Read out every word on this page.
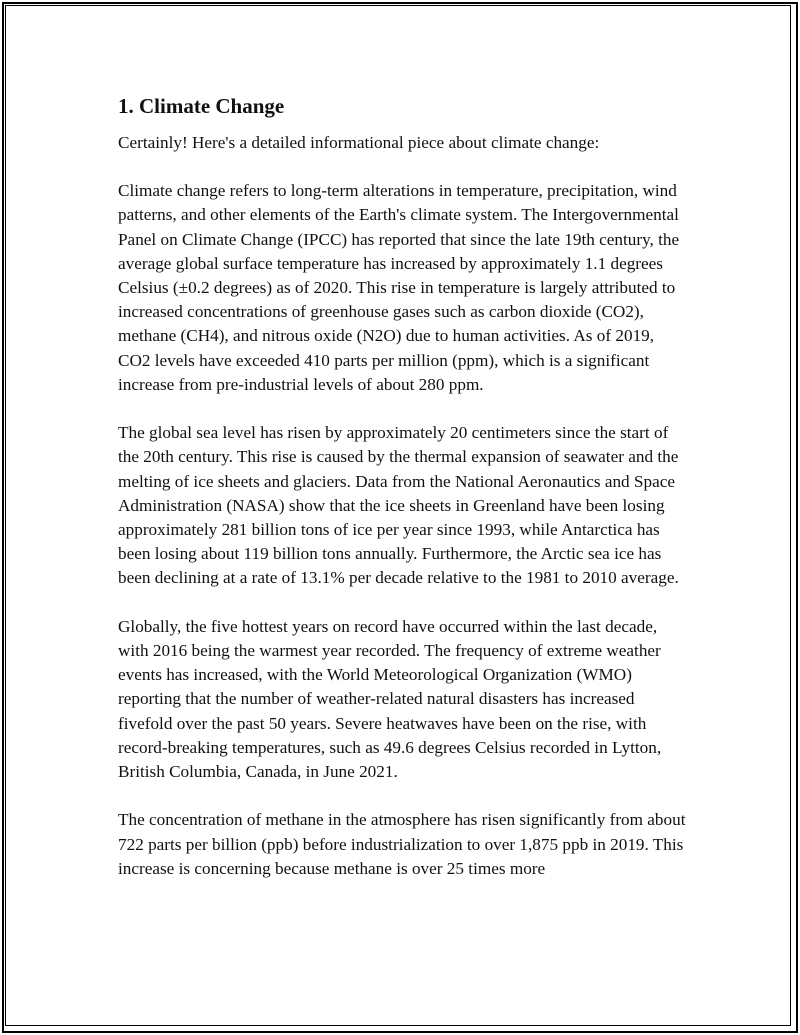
1. Climate Change

Certainly! Here's a detailed informational piece about climate change:

Climate change refers to long-term alterations in temperature, precipitation, wind patterns, and other elements of the Earth's climate system. The Intergovernmental Panel on Climate Change (IPCC) has reported that since the late 19th century, the average global surface temperature has increased by approximately 1.1 degrees Celsius (±0.2 degrees) as of 2020. This rise in temperature is largely attributed to increased concentrations of greenhouse gases such as carbon dioxide (CO2), methane (CH4), and nitrous oxide (N2O) due to human activities. As of 2019, CO2 levels have exceeded 410 parts per million (ppm), which is a significant increase from pre-industrial levels of about 280 ppm.

The global sea level has risen by approximately 20 centimeters since the start of the 20th century. This rise is caused by the thermal expansion of seawater and the melting of ice sheets and glaciers. Data from the National Aeronautics and Space Administration (NASA) show that the ice sheets in Greenland have been losing approximately 281 billion tons of ice per year since 1993, while Antarctica has been losing about 119 billion tons annually. Furthermore, the Arctic sea ice has been declining at a rate of 13.1% per decade relative to the 1981 to 2010 average.

Globally, the five hottest years on record have occurred within the last decade, with 2016 being the warmest year recorded. The frequency of extreme weather events has increased, with the World Meteorological Organization (WMO) reporting that the number of weather-related natural disasters has increased fivefold over the past 50 years. Severe heatwaves have been on the rise, with record-breaking temperatures, such as 49.6 degrees Celsius recorded in Lytton, British Columbia, Canada, in June 2021.

The concentration of methane in the atmosphere has risen significantly from about 722 parts per billion (ppb) before industrialization to over 1,875 ppb in 2019. This increase is concerning because methane is over 25 times more
